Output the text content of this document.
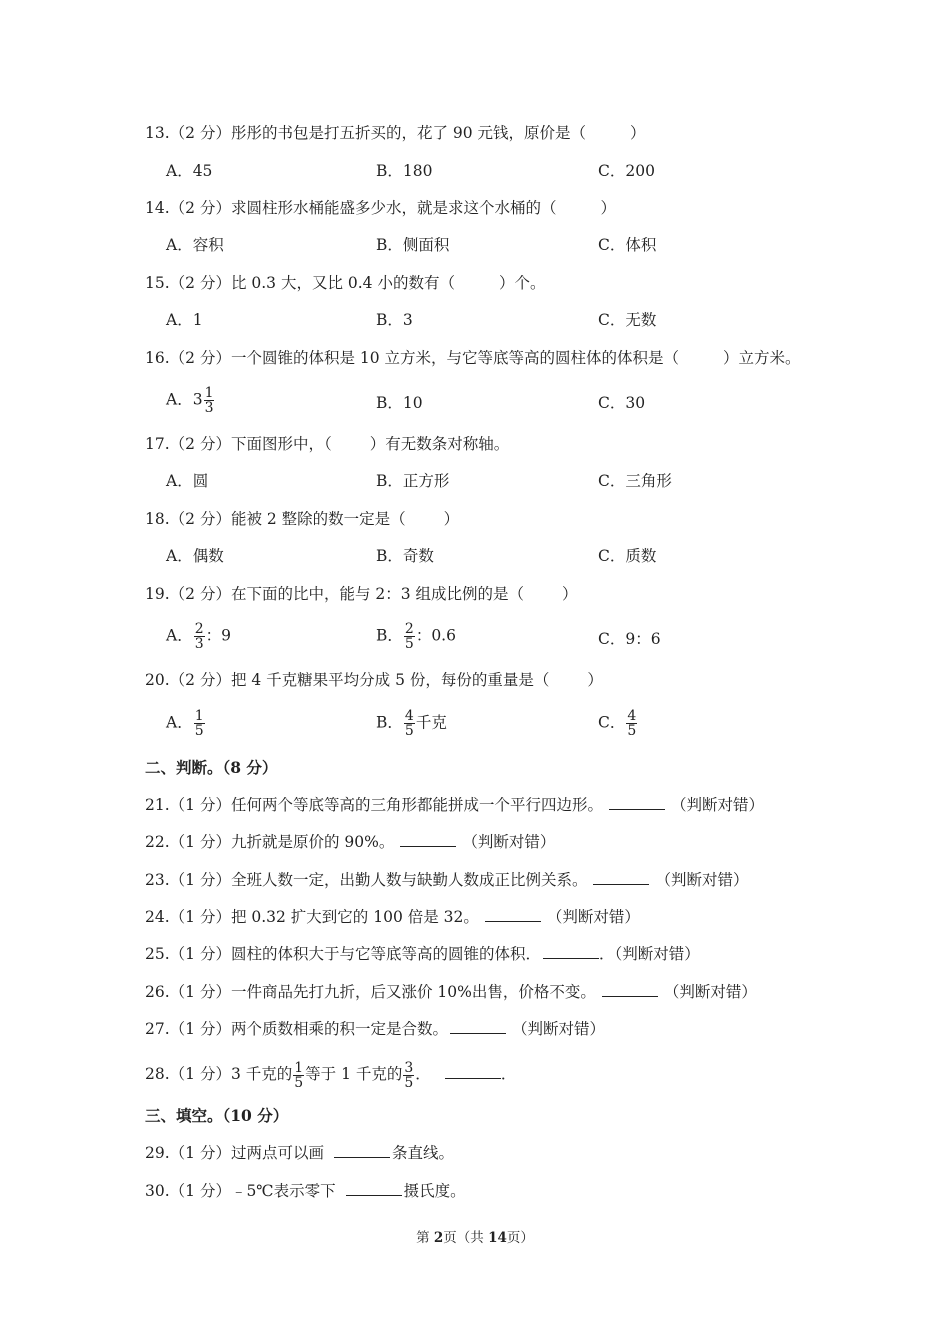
13.（2 分）彤彤的书包是打五折买的，花了 90 元钱，原价是（	）
A．45	B．180	C．200
14.（2 分）求圆柱形水桶能盛多少水，就是求这个水桶的（	）
A．容积	B．侧面积	C．体积
15.（2 分）比 0.3 大，又比 0.4 小的数有（	）个。
A．1	B．3	C．无数
16.（2 分）一个圆锥的体积是 10 立方米，与它等底等高的圆柱体的体积是（	）立方米。
A．$3 \frac{1}{3}$	B．10	C．30
17.（2 分）下面图形中，（ ）有无数条对称轴。
A．圆	B．正方形	C．三角形
18.（2 分）能被 2 整除的数一定是（ ）
A．偶数	B．奇数	C．质数
19.（2 分）在下面的比中，能与 2：3 组成比例的是（ ）
A． $\frac{2}{3}$ ：9	B． $\frac{2}{5}$ ：0.6	C．9：6
20.（2 分）把 4 千克糖果平均分成 5 份，每份的重量是（ ）
A． $\frac{1}{5}$	B． $\frac{4}{5}$ 千克	C． $\frac{4}{5}$
二、判断。（8 分）
21.（1 分）任何两个等底等高的三角形都能拼成一个平行四边形。	（判断对错）
22.（1 分）九折就是原价的 90%。	（判断对错）
23.（1 分）全班人数一定，出勤人数与缺勤人数成正比例关系。	（判断对错）
24.（1 分）把 0.32 扩大到它的 100 倍是 32。	（判断对错）
25.（1 分）圆柱的体积大于与它等底等高的圆锥的体积．	．（判断对错）
26.（1 分）一件商品先打九折，后又涨价 10%出售，价格不变。	（判断对错）
27.（1 分）两个质数相乘的积一定是合数。	（判断对错）
28.（1 分）3 千克的 $\frac{1}{5}$ 等于 1 千克的 $\frac{3}{5}$ ．	．
三、填空。（10 分）
29.（1 分）过两点可以画	条直线。
30.（1 分）﹣5℃表示零下	摄氏度。
第 2页（共 14页）
